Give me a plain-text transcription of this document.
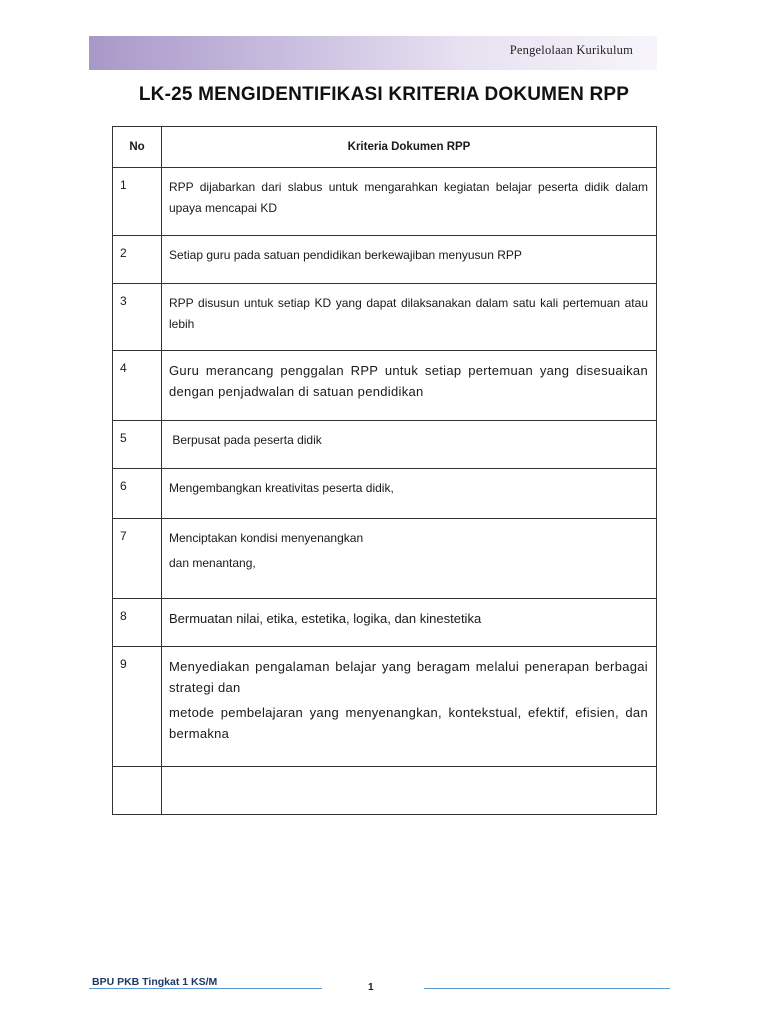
Pengelolaan Kurikulum
LK-25 MENGIDENTIFIKASI KRITERIA DOKUMEN RPP
No	Kriteria Dokumen RPP
1	RPP dijabarkan dari slabus untuk mengarahkan kegiatan belajar peserta didik dalam upaya mencapai KD

2	Setiap guru pada satuan pendidikan berkewajiban menyusun RPP

3	RPP disusun untuk setiap KD yang dapat dilaksanakan dalam satu kali pertemuan atau lebih

4	Guru merancang penggalan RPP untuk setiap pertemuan yang disesuaikan dengan penjadwalan di satuan pendidikan

5	Berpusat pada peserta didik

6	Mengembangkan kreativitas peserta didik,

7	Menciptakan kondisi menyenangkan
dan menantang,

8	Bermuatan nilai, etika, estetika, logika, dan kinestetika

9	Menyediakan pengalaman belajar yang beragam melalui penerapan berbagai strategi dan
metode pembelajaran yang menyenangkan, kontekstual, efektif, efisien, dan bermakna

BPU PKB Tingkat 1 KS/M	1
